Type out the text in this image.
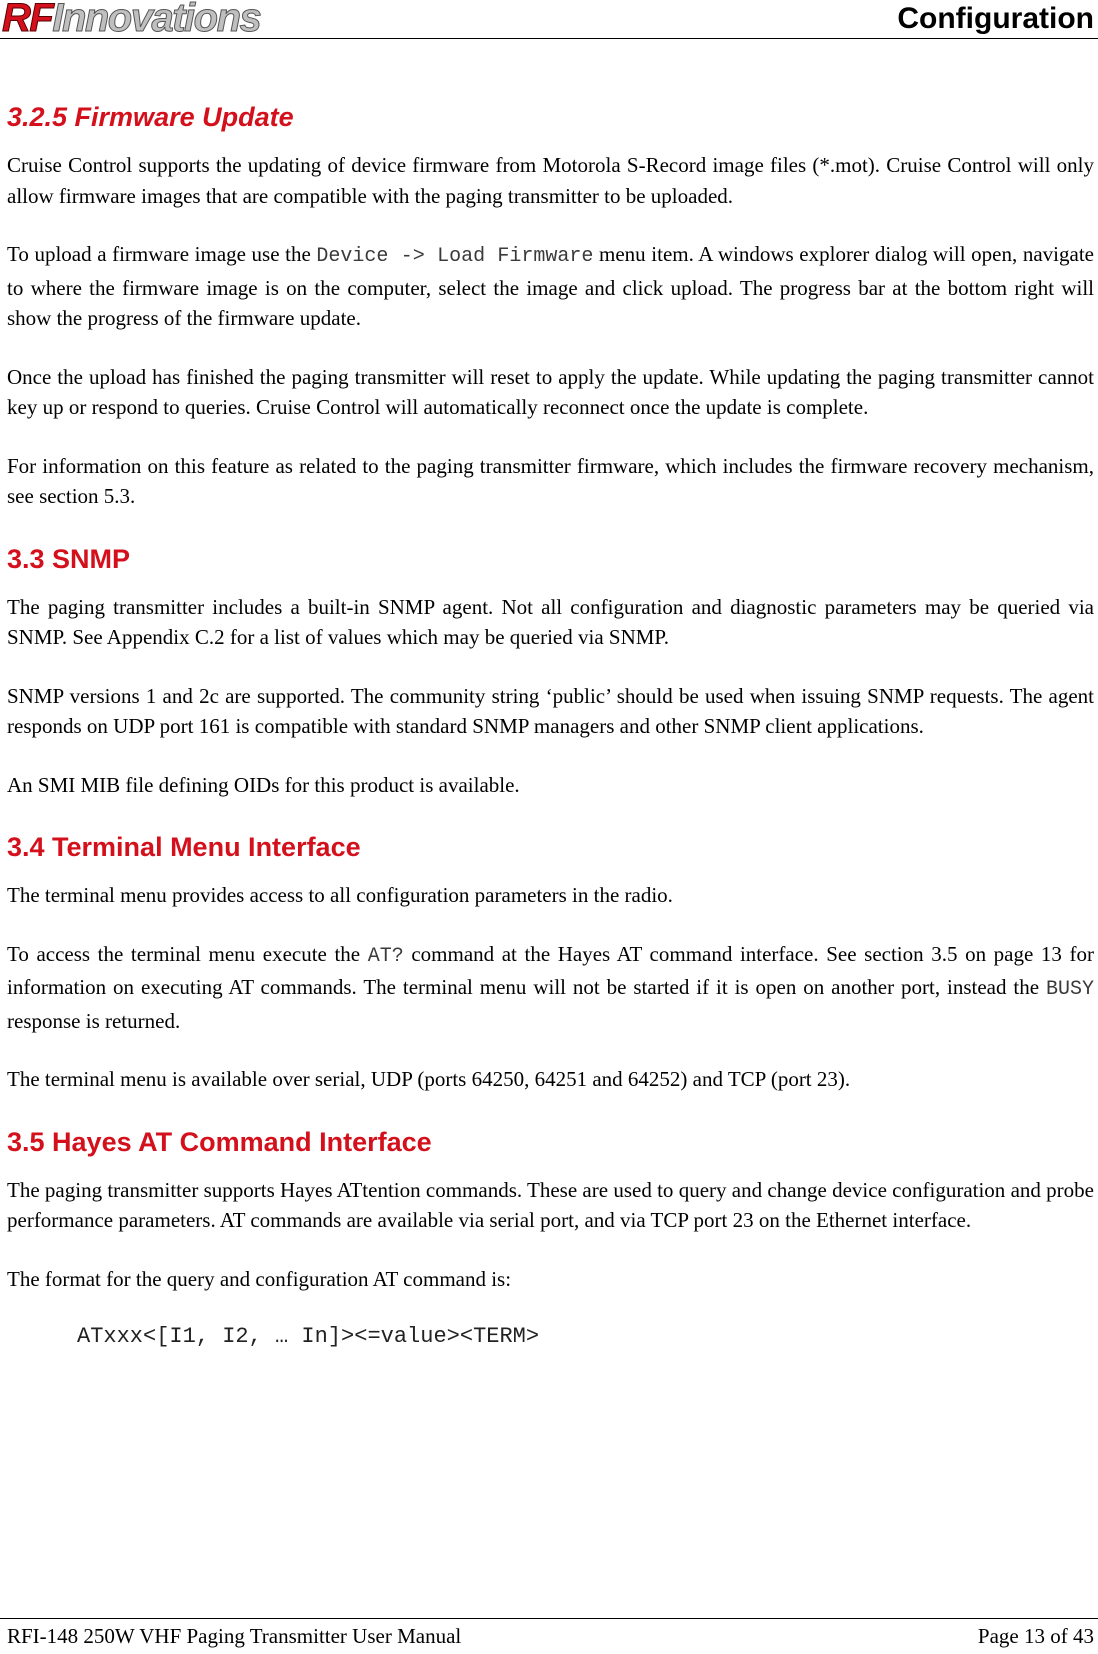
RFInnovations	Configuration
3.2.5 Firmware Update

Cruise Control supports the updating of device firmware from Motorola S-Record image files (*.mot). Cruise Control will only allow firmware images that are compatible with the paging transmitter to be uploaded.

To upload a firmware image use the Device -> Load Firmware menu item. A windows explorer dialog will open, navigate to where the firmware image is on the computer, select the image and click upload. The progress bar at the bottom right will show the progress of the firmware update.

Once the upload has finished the paging transmitter will reset to apply the update. While updating the paging transmitter cannot key up or respond to queries. Cruise Control will automatically reconnect once the update is complete.

For information on this feature as related to the paging transmitter firmware, which includes the firmware recovery mechanism, see section 5.3.

3.3 SNMP

The paging transmitter includes a built-in SNMP agent. Not all configuration and diagnostic parameters may be queried via SNMP. See Appendix C.2 for a list of values which may be queried via SNMP.

SNMP versions 1 and 2c are supported. The community string ‘public’ should be used when issuing SNMP requests. The agent responds on UDP port 161 is compatible with standard SNMP managers and other SNMP client applications.

An SMI MIB file defining OIDs for this product is available.

3.4 Terminal Menu Interface

The terminal menu provides access to all configuration parameters in the radio.

To access the terminal menu execute the AT? command at the Hayes AT command interface. See section 3.5 on page 13 for information on executing AT commands. The terminal menu will not be started if it is open on another port, instead the BUSY response is returned.

The terminal menu is available over serial, UDP (ports 64250, 64251 and 64252) and TCP (port 23).

3.5 Hayes AT Command Interface

The paging transmitter supports Hayes ATtention commands. These are used to query and change device configuration and probe performance parameters. AT commands are available via serial port, and via TCP port 23 on the Ethernet interface.

The format for the query and configuration AT command is:

ATxxx<[I1, I2, … In]><=value><TERM>

RFI-148 250W VHF Paging Transmitter User Manual	Page 13 of 43
